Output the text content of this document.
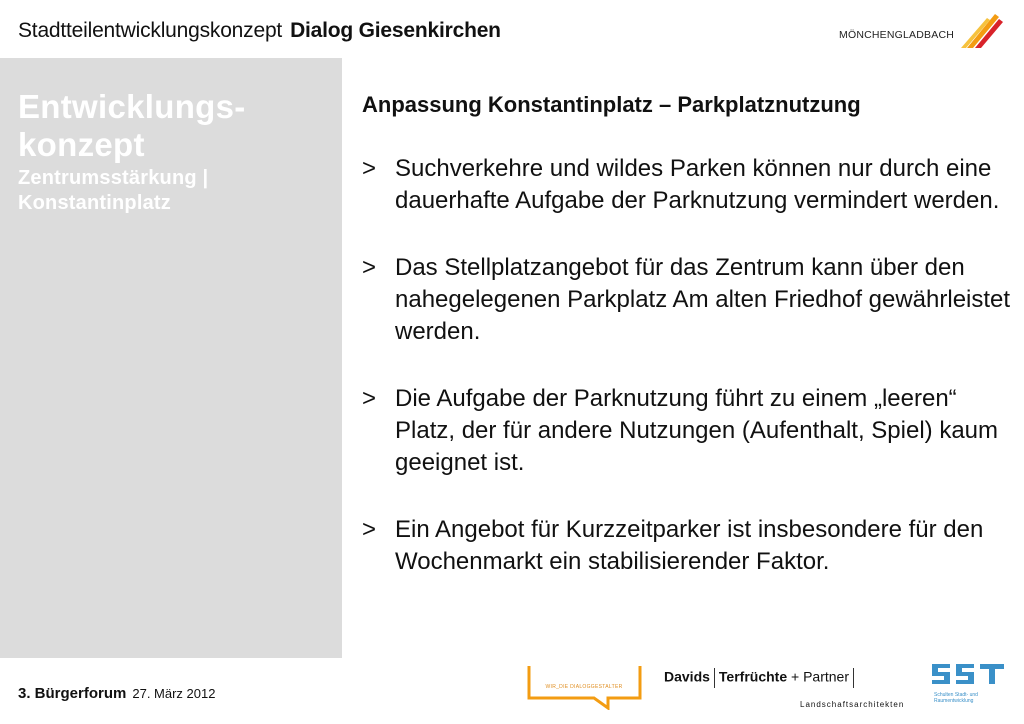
Stadtteilentwicklungskonzept Dialog Giesenkirchen	MÖNCHENGLADBACH
Entwicklungs-
konzept
Zentrumsstärkung | Konstantinplatz
Anpassung Konstantinplatz – Parkplatznutzung
> Suchverkehre und wildes Parken können nur durch eine dauerhafte Aufgabe der Parknutzung vermindert werden.
> Das Stellplatzangebot für das Zentrum kann über den nahegelegenen Parkplatz Am alten Friedhof gewährleistet werden.
> Die Aufgabe der Parknutzung führt zu einem „leeren“ Platz, der für andere Nutzungen (Aufenthalt, Spiel) kaum geeignet ist.
> Ein Angebot für Kurzzeitparker ist insbesondere für den Wochenmarkt ein stabilisierender Faktor.
3. Bürgerforum 27. März 2012	WIR_DIE DIALOGGESTALTER
Davids Terfrüchte + Partner
Landschaftsarchitekten
Schulten Stadt- und Raumentwicklung
